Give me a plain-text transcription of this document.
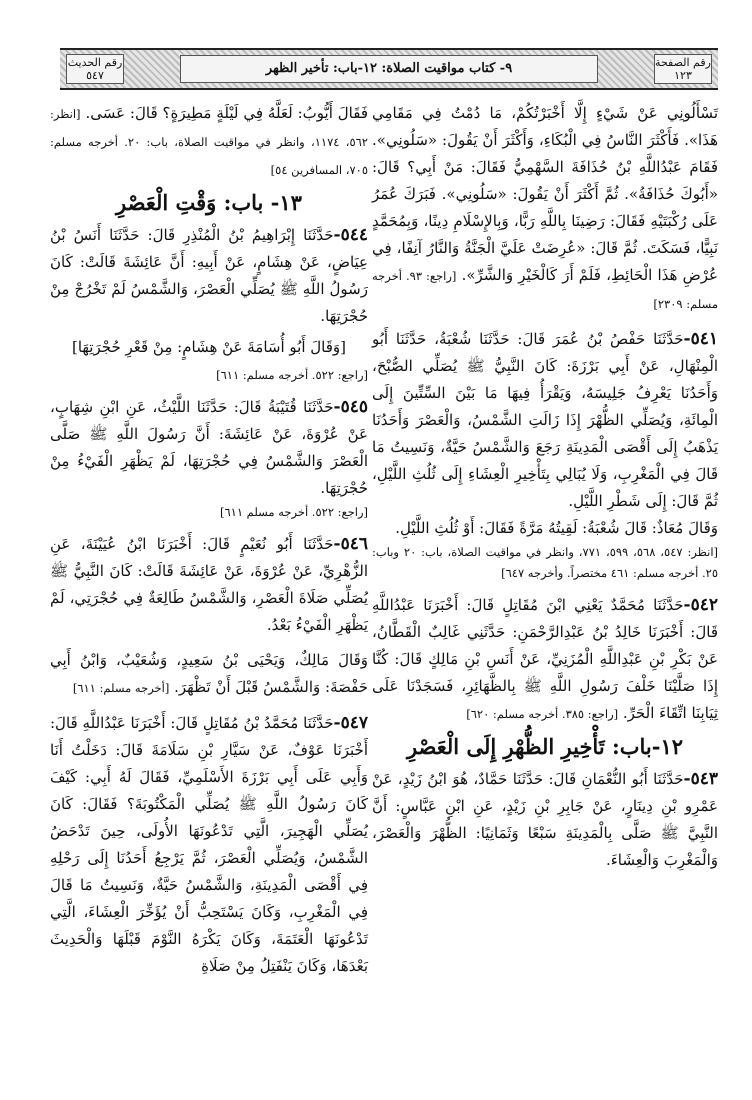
رقم الصفحة
١٢٣
٩- كتاب مواقيت الصلاة: ١٢-باب: تأخير الظهر
رقم الحديث
٥٤٧

تَسْأَلُونِي عَنْ شَيْءٍ إِلَّا أَخْبَرْتُكُمْ، مَا دُمْتُ فِي مَقَامِي هَذَا». فَأَكْثَرَ النَّاسُ فِي الْبُكَاءِ، وَأَكْثَرَ أَنْ يَقُولَ: «سَلُونِي». فَقَامَ عَبْدُاللَّهِ بْنُ حُذَافَةَ السَّهْمِيُّ فَقَالَ: مَنْ أَبِي؟ قَالَ: «أَبُوكَ حُذَافَةُ». ثُمَّ أَكْثَرَ أَنْ يَقُولَ: «سَلُونِي». فَبَرَكَ عُمَرُ عَلَى رُكْبَتَيْهِ فَقَالَ: رَضِينَا بِاللَّهِ رَبًّا، وَبِالإِسْلَامِ دِينًا، وَبِمُحَمَّدٍ نَبِيًّا، فَسَكَتَ. ثُمَّ قَالَ: «عُرِضَتْ عَلَيَّ الْجَنَّةُ وَالنَّارُ آنِفًا، فِي عُرْضِ هَذَا الْحَائِطِ، فَلَمْ أَرَ كَالْخَيْرِ وَالشَّرِّ». [راجع: ٩٣. أخرجه مسلم: ٢٣٠٩]

٥٤١-حَدَّثَنَا حَفْصُ بْنُ عُمَرَ قَالَ: حَدَّثَنَا شُعْبَةُ، حَدَّثَنَا أَبُو الْمِنْهَالِ، عَنْ أَبِي بَرْزَةَ: كَانَ النَّبِيُّ ﷺ يُصَلِّي الصُّبْحَ، وَأَحَدُنَا يَعْرِفُ جَلِيسَهُ، وَيَقْرَأُ فِيهَا مَا بَيْنَ السِّتِّينَ إِلَى الْمِائَةِ، وَيُصَلِّي الظُّهْرَ إِذَا زَالَتِ الشَّمْسُ، وَالْعَصْرَ وَأَحَدُنَا يَذْهَبُ إِلَى أَقْصَى الْمَدِينَةِ رَجَعَ وَالشَّمْسُ حَيَّةٌ، وَنَسِيتُ مَا قَالَ فِي الْمَغْرِبِ، وَلَا يُبَالِي بِتَأْخِيرِ الْعِشَاءِ إِلَى ثُلُثِ اللَّيْلِ، ثُمَّ قَالَ: إِلَى شَطْرِ اللَّيْلِ.

وَقَالَ مُعَاذٌ: قَالَ شُعْبَةُ: لَقِيتُهُ مَرَّةً فَقَالَ: أَوْ ثُلُثِ اللَّيْلِ.

[انظر: ٥٤٧، ٥٦٨، ٥٩٩، ٧٧١، وانظر في مواقيت الصلاة، باب: ٢٠ وباب: ٢٥. أخرجه مسلم: ٤٦١ مختصراً. وأخرجه ٦٤٧]

٥٤٢-حَدَّثَنَا مُحَمَّدٌ يَعْنِي ابْنَ مُقَاتِلٍ قَالَ: أَخْبَرَنَا عَبْدُاللَّهِ قَالَ: أَخْبَرَنَا خَالِدُ بْنُ عَبْدِالرَّحْمَنِ: حَدَّثَنِي غَالِبٌ الْقَطَّانُ، عَنْ بَكْرِ بْنِ عَبْدِاللَّهِ الْمُزَنِيِّ، عَنْ أَنَسِ بْنِ مَالِكٍ قَالَ: كُنَّا إِذَا صَلَّيْنَا خَلْفَ رَسُولِ اللَّهِ ﷺ بِالظَّهَائِرِ، فَسَجَدْنَا عَلَى ثِيَابِنَا اتِّقَاءَ الْحَرِّ. [راجع: ٣٨٥. أخرجه مسلم: ٦٢٠]

١٢-باب: تَأْخِيرِ الظُّهْرِ إِلَى الْعَصْرِ

٥٤٣-حَدَّثَنَا أَبُو النُّعْمَانِ قَالَ: حَدَّثَنَا حَمَّادٌ، هُوَ ابْنُ زَيْدٍ، عَنْ عَمْرِو بْنِ دِينَارٍ، عَنْ جَابِرِ بْنِ زَيْدٍ، عَنِ ابْنِ عَبَّاسٍ: أَنَّ النَّبِيَّ ﷺ صَلَّى بِالْمَدِينَةِ سَبْعًا وَثَمَانِيًا: الظُّهْرَ وَالْعَصْرَ، وَالْمَغْرِبَ وَالْعِشَاءَ.

فَقَالَ أَيُّوبُ: لَعَلَّهُ فِي لَيْلَةٍ مَطِيرَةٍ؟ قَالَ: عَسَى. [انظر: ٥٦٢، ١١٧٤، وانظر في مواقيت الصلاة، باب: ٢٠. أخرجه مسلم: ٧٠٥، المسافرين ٥٤]

١٣- باب: وَقْتِ الْعَصْرِ

٥٤٤-حَدَّثَنَا إِبْرَاهِيمُ بْنُ الْمُنْذِرِ قَالَ: حَدَّثَنَا أَنَسُ بْنُ عِيَاضٍ، عَنْ هِشَامٍ، عَنْ أَبِيهِ: أَنَّ عَائِشَةَ قَالَتْ: كَانَ رَسُولُ اللَّهِ ﷺ يُصَلِّي الْعَصْرَ، وَالشَّمْسُ لَمْ تَخْرُجْ مِنْ حُجْرَتِهَا.

[وَقَالَ أَبُو أُسَامَةَ عَنْ هِشَامٍ: مِنْ قَعْرِ حُجْرَتِهَا]

[راجع: ٥٢٢. أخرجه مسلم: ٦١١]

٥٤٥-حَدَّثَنَا قُتَيْبَةُ قَالَ: حَدَّثَنَا اللَّيْثُ، عَنِ ابْنِ شِهَابٍ، عَنْ عُرْوَةَ، عَنْ عَائِشَةَ: أَنَّ رَسُولَ اللَّهِ ﷺ صَلَّى الْعَصْرَ وَالشَّمْسُ فِي حُجْرَتِهَا، لَمْ يَظْهَرِ الْفَيْءُ مِنْ حُجْرَتِهَا.

[راجع: ٥٢٢. أخرجه مسلم ٦١١]

٥٤٦-حَدَّثَنَا أَبُو نُعَيْمٍ قَالَ: أَخْبَرَنَا ابْنُ عُيَيْنَةَ، عَنِ الزُّهْرِيِّ، عَنْ عُرْوَةَ، عَنْ عَائِشَةَ قَالَتْ: كَانَ النَّبِيُّ ﷺ يُصَلِّي صَلَاةَ الْعَصْرِ، وَالشَّمْسُ طَالِعَةٌ فِي حُجْرَتِي، لَمْ يَظْهَرِ الْفَيْءُ بَعْدُ.

وَقَالَ مَالِكٌ، وَيَحْيَى بْنُ سَعِيدٍ، وَشُعَيْبٌ، وَابْنُ أَبِي حَفْصَةَ: وَالشَّمْسُ قَبْلَ أَنْ تَظْهَرَ. [أخرجه مسلم: ٦١١]

٥٤٧-حَدَّثَنَا مُحَمَّدُ بْنُ مُقَاتِلٍ قَالَ: أَخْبَرَنَا عَبْدُاللَّهِ قَالَ: أَخْبَرَنَا عَوْفٌ، عَنْ سَيَّارِ بْنِ سَلَامَةَ قَالَ: دَخَلْتُ أَنَا وَأَبِي عَلَى أَبِي بَرْزَةَ الأَسْلَمِيِّ، فَقَالَ لَهُ أَبِي: كَيْفَ كَانَ رَسُولُ اللَّهِ ﷺ يُصَلِّي الْمَكْتُوبَةَ؟ فَقَالَ: كَانَ يُصَلِّي الْهَجِيرَ، الَّتِي تَدْعُونَهَا الأُولَى، حِينَ تَدْحَضُ الشَّمْسُ، وَيُصَلِّي الْعَصْرَ، ثُمَّ يَرْجِعُ أَحَدُنَا إِلَى رَحْلِهِ فِي أَقْصَى الْمَدِينَةِ، وَالشَّمْسُ حَيَّةٌ، وَنَسِيتُ مَا قَالَ فِي الْمَغْرِبِ، وَكَانَ يَسْتَحِبُّ أَنْ يُؤَخِّرَ الْعِشَاءَ، الَّتِي تَدْعُونَهَا الْعَتَمَةَ، وَكَانَ يَكْرَهُ النَّوْمَ قَبْلَهَا وَالْحَدِيثَ بَعْدَهَا، وَكَانَ يَنْفَتِلُ مِنْ صَلَاةِ
